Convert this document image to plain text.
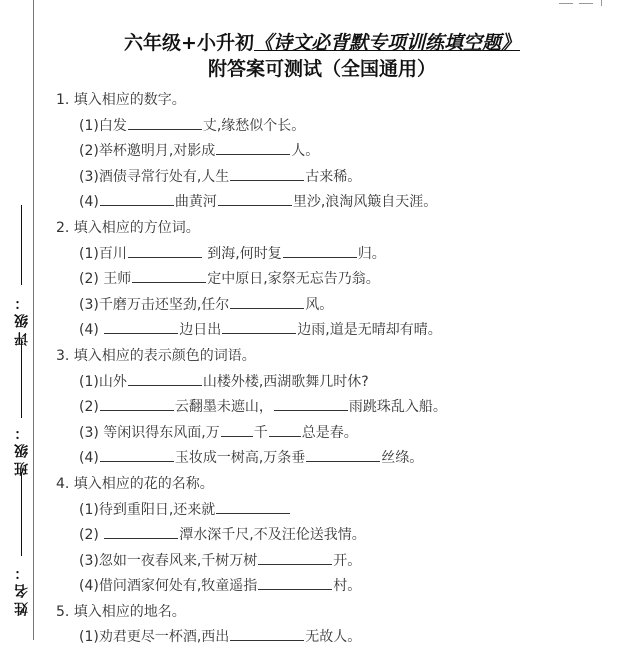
评级：
班级：
姓名：
六年级+小升初《诗文必背默专项训练填空题》
附答案可测试（全国通用）
1. 填入相应的数字。
(1)白发	丈,缘愁似个长。
(2)举杯邀明月,对影成	人。
(3)酒债寻常行处有,人生	古来稀。
(4)	曲黄河	里沙,浪淘风簸自天涯。
2. 填入相应的方位词。
(1)百川	到海,何时复	归。
(2) 王师	定中原日,家祭无忘告乃翁。
(3)千磨万击还坚劲,任尔	风。
(4)	边日出	边雨,道是无晴却有晴。
3. 填入相应的表示颜色的词语。
(1)山外	山楼外楼,西湖歌舞几时休?
(2)	云翻墨未遮山，	雨跳珠乱入船。
(3) 等闲识得东风面,万 千 总是春。
(4)	玉妆成一树高,万条垂	丝绦。
4. 填入相应的花的名称。
(1)待到重阳日,还来就
(2)	潭水深千尺,不及汪伦送我情。
(3)忽如一夜春风来,千树万树	开。
(4)借问酒家何处有,牧童遥指	村。
5. 填入相应的地名。
(1)劝君更尽一杯酒,西出	无故人。
